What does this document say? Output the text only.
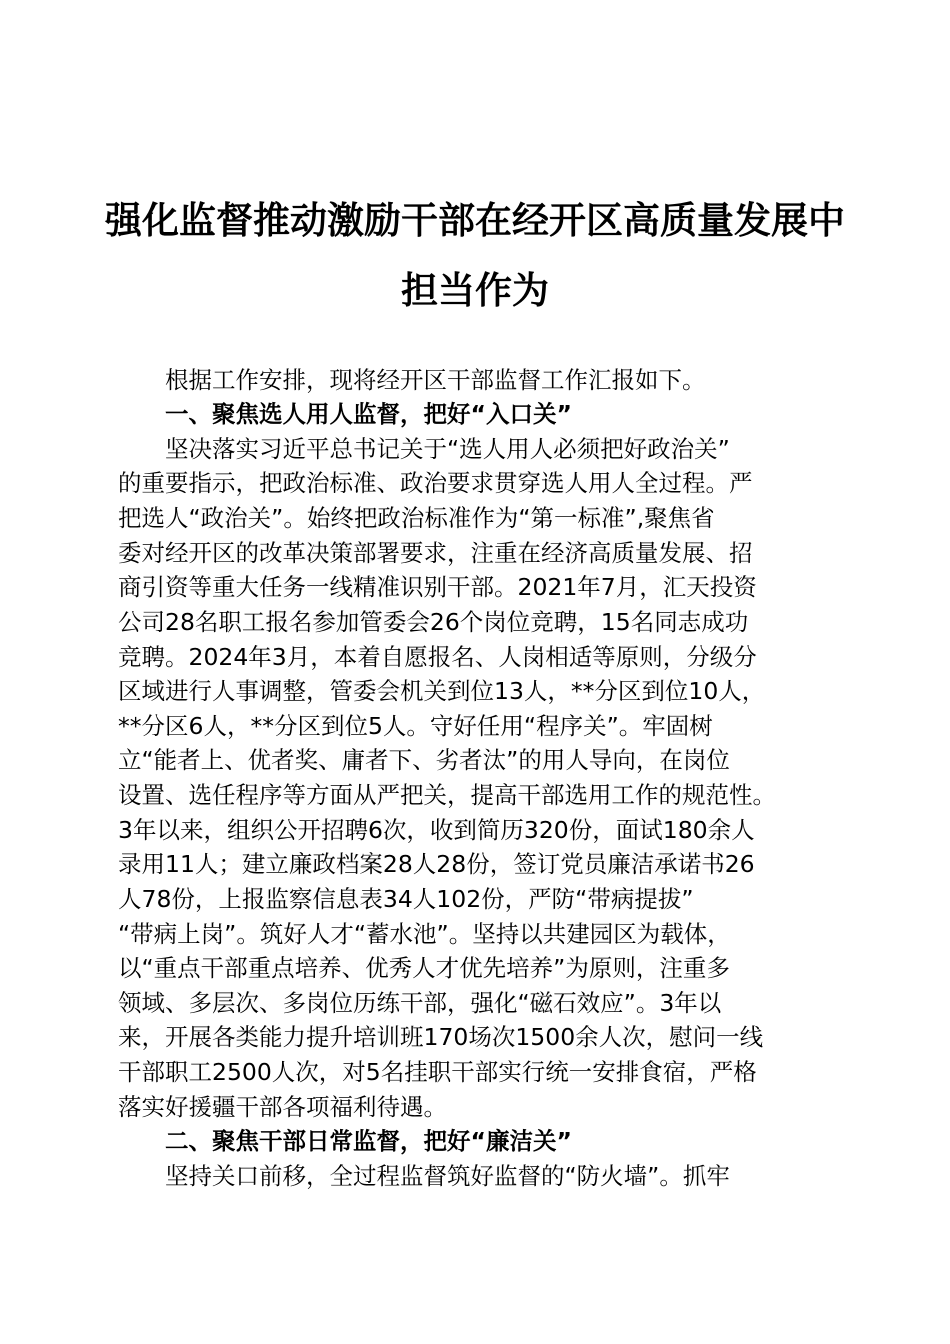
强化监督推动激励干部在经开区高质量发展中
担当作为
　　根据工作安排，现将经开区干部监督工作汇报如下。
　　一、聚焦选人用人监督，把好“入口关”
　　坚决落实习近平总书记关于“选人用人必须把好政治关”
的重要指示，把政治标准、政治要求贯穿选人用人全过程。严
把选人“政治关”。始终把政治标准作为“第一标准”,聚焦省
委对经开区的改革决策部署要求，注重在经济高质量发展、招
商引资等重大任务一线精准识别干部。2021年7月，汇天投资
公司28名职工报名参加管委会26个岗位竞聘，15名同志成功
竞聘。2024年3月，本着自愿报名、人岗相适等原则，分级分
区域进行人事调整，管委会机关到位13人，**分区到位10人，
**分区6人，**分区到位5人。守好任用“程序关”。牢固树
立“能者上、优者奖、庸者下、劣者汰”的用人导向，在岗位
设置、选任程序等方面从严把关，提高干部选用工作的规范性。
3年以来，组织公开招聘6次，收到简历320份，面试180余人
录用11人；建立廉政档案28人28份，签订党员廉洁承诺书26
人78份，上报监察信息表34人102份，严防“带病提拔”
“带病上岗”。筑好人才“蓄水池”。坚持以共建园区为载体，
以“重点干部重点培养、优秀人才优先培养”为原则，注重多
领域、多层次、多岗位历练干部，强化“磁石效应”。3年以
来，开展各类能力提升培训班170场次1500余人次，慰问一线
干部职工2500人次，对5名挂职干部实行统一安排食宿，严格
落实好援疆干部各项福利待遇。
　　二、聚焦干部日常监督，把好“廉洁关”
　　坚持关口前移，全过程监督筑好监督的“防火墙”。抓牢
